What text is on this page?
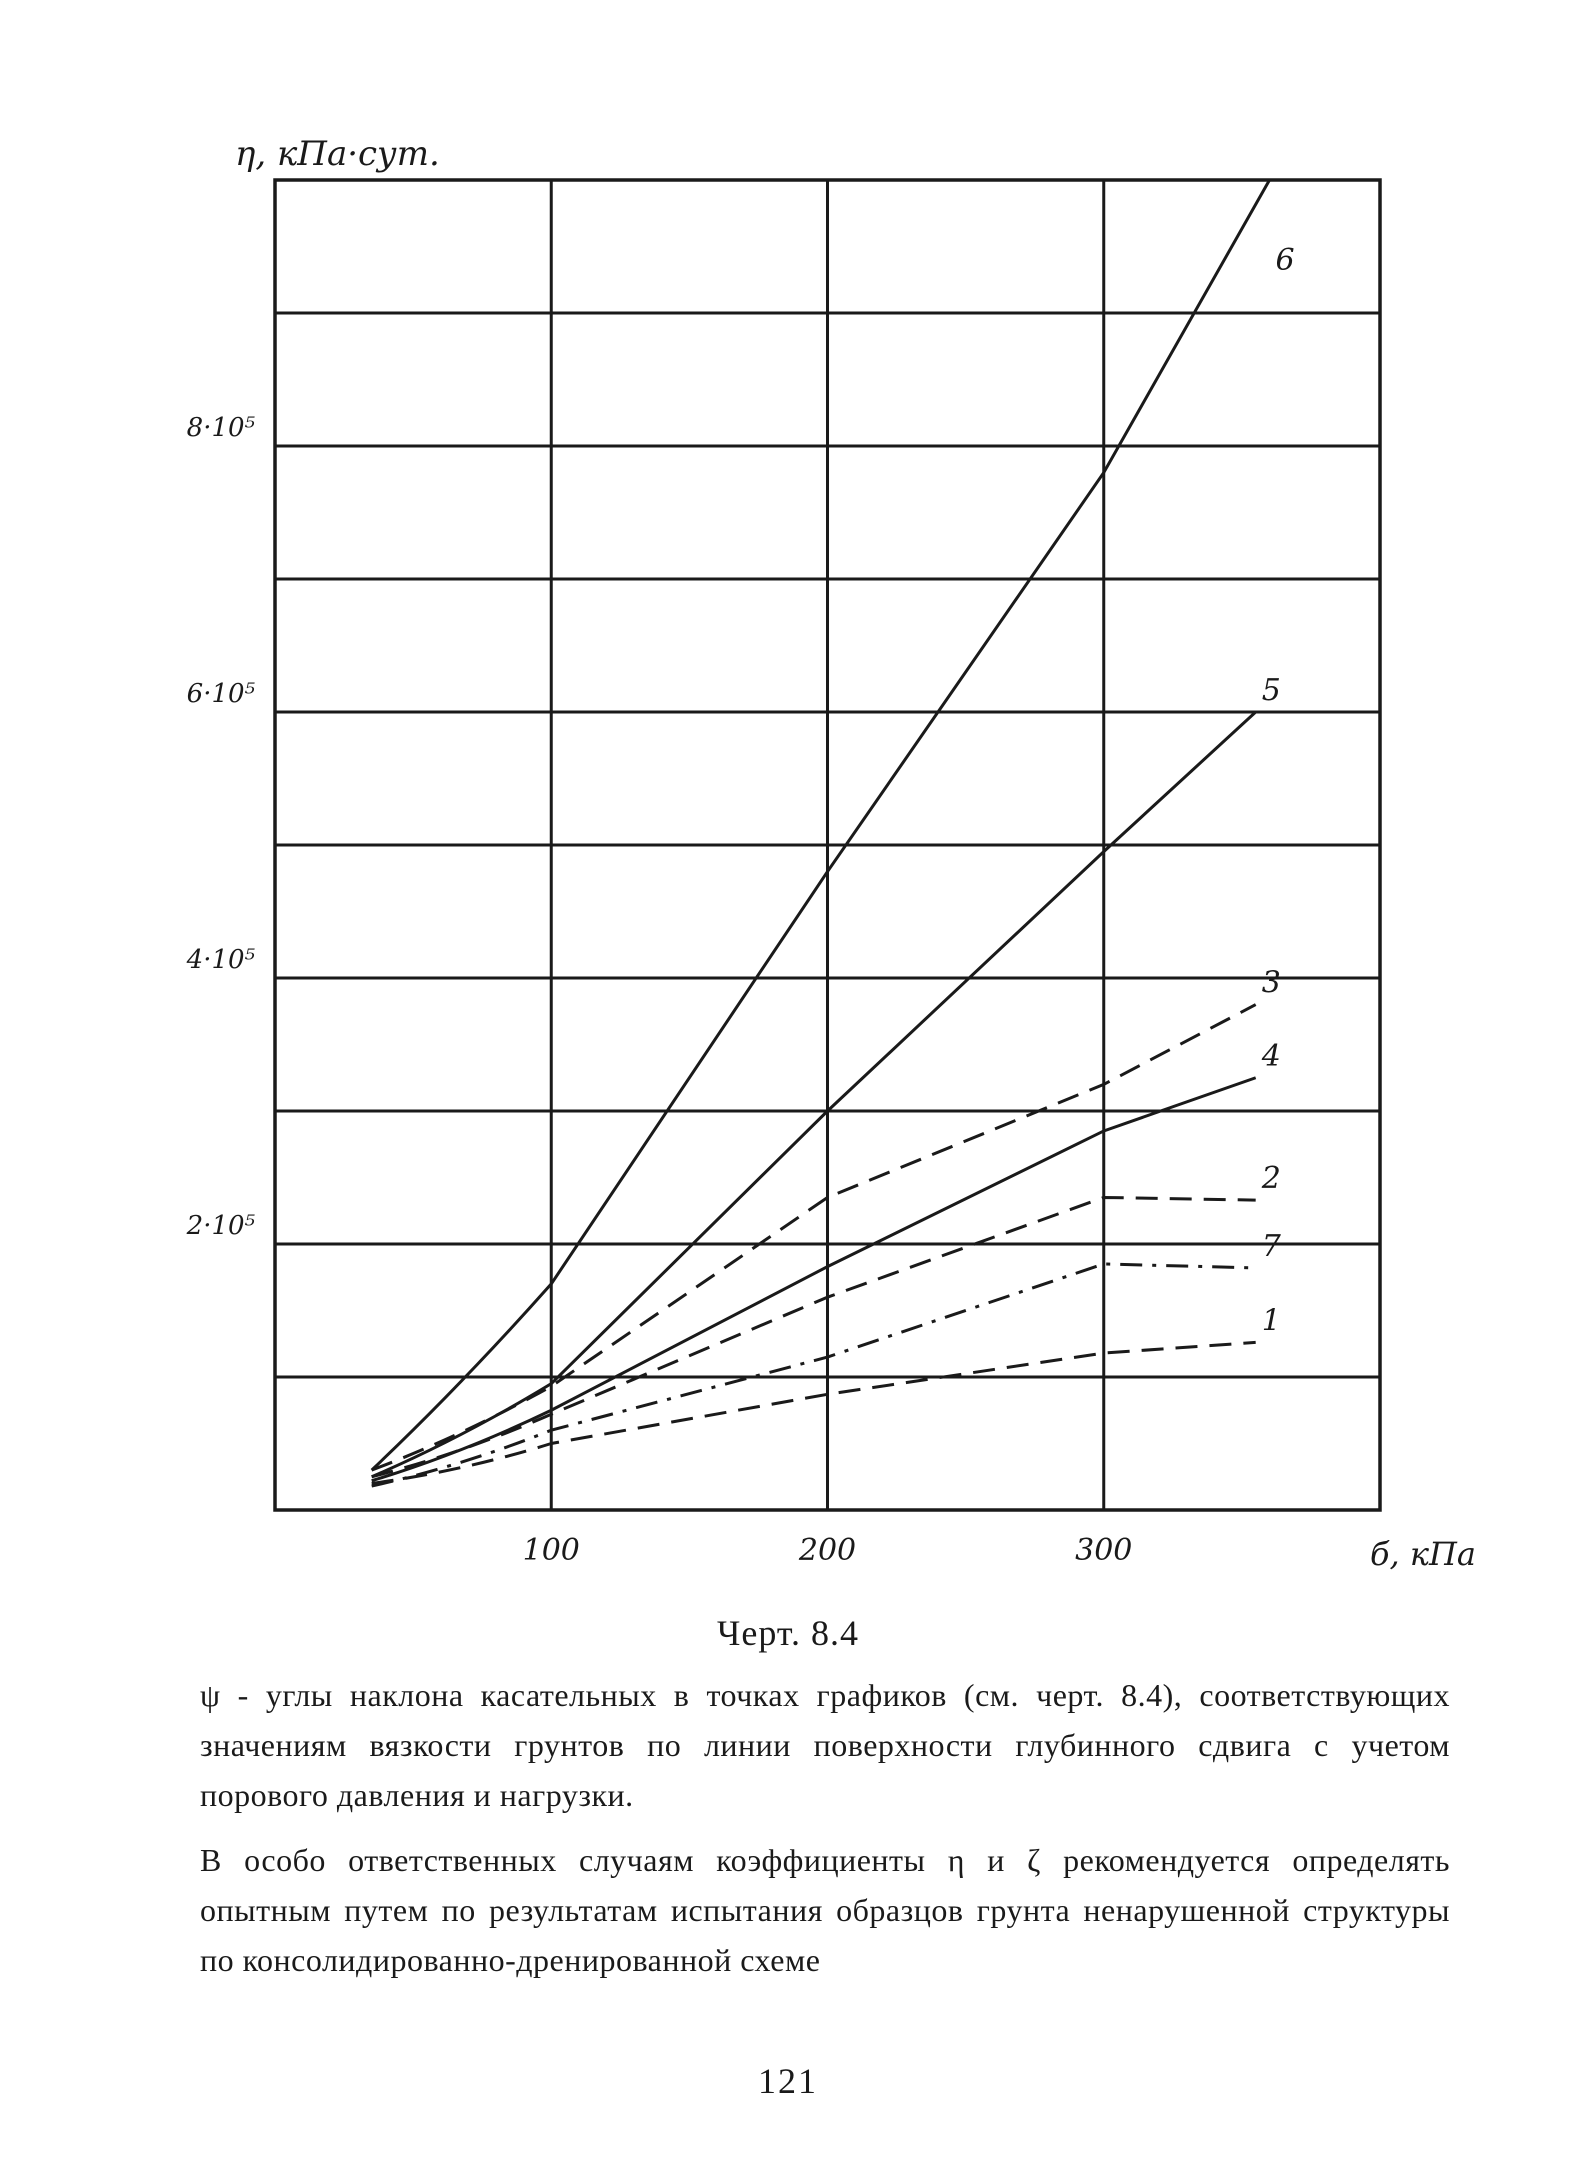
100	200	300
2·10⁵
4·10⁵
6·10⁵
8·10⁵
η, кПа·сут.
б, кПа
1
2
3
4
5
6
7
Черт. 8.4
ψ - углы наклона касательных в точках графиков (см. черт. 8.4), соответствующих значениям вязкости грунтов по линии поверхности глубинного сдвига с учетом порового давления и нагрузки.
В особо ответственных случаям коэффициенты η и ζ рекомендуется определять опытным путем по результатам испытания образцов грунта ненарушенной структуры по консолидированно-дренированной схеме
121
